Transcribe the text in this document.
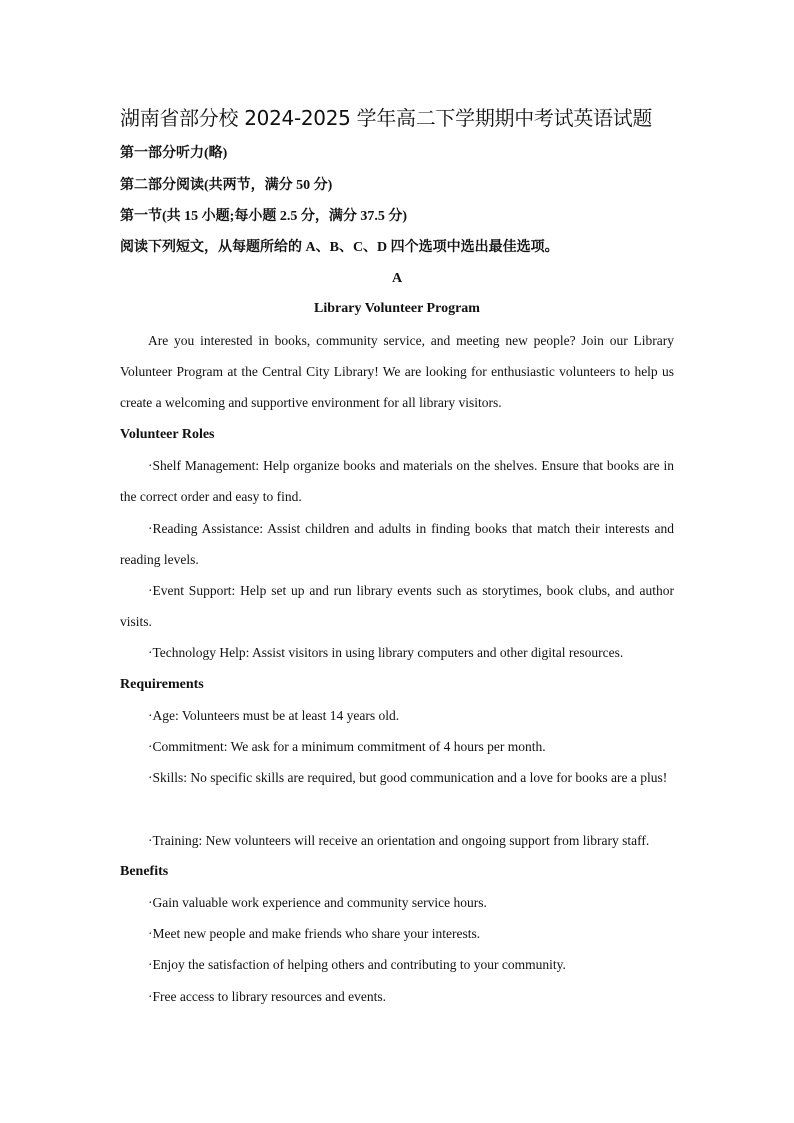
湖南省部分校 2024-2025 学年高二下学期期中考试英语试题
第一部分听力(略)
第二部分阅读(共两节，满分 50 分)
第一节(共 15 小题;每小题 2.5 分，满分 37.5 分)
阅读下列短文，从每题所给的 A、B、C、D 四个选项中选出最佳选项。
A
Library Volunteer Program
Are you interested in books, community service, and meeting new people? Join our Library Volunteer Program at the Central City Library! We are looking for enthusiastic volunteers to help us create a welcoming and supportive environment for all library visitors.
Volunteer Roles
·Shelf Management: Help organize books and materials on the shelves. Ensure that books are in the correct order and easy to find.
·Reading Assistance: Assist children and adults in finding books that match their interests and reading levels.
·Event Support: Help set up and run library events such as storytimes, book clubs, and author visits.
·Technology Help: Assist visitors in using library computers and other digital resources.
Requirements
·Age: Volunteers must be at least 14 years old.
·Commitment: We ask for a minimum commitment of 4 hours per month.
·Skills: No specific skills are required, but good communication and a love for books are a plus!
·Training: New volunteers will receive an orientation and ongoing support from library staff.
Benefits
·Gain valuable work experience and community service hours.
·Meet new people and make friends who share your interests.
·Enjoy the satisfaction of helping others and contributing to your community.
·Free access to library resources and events.
